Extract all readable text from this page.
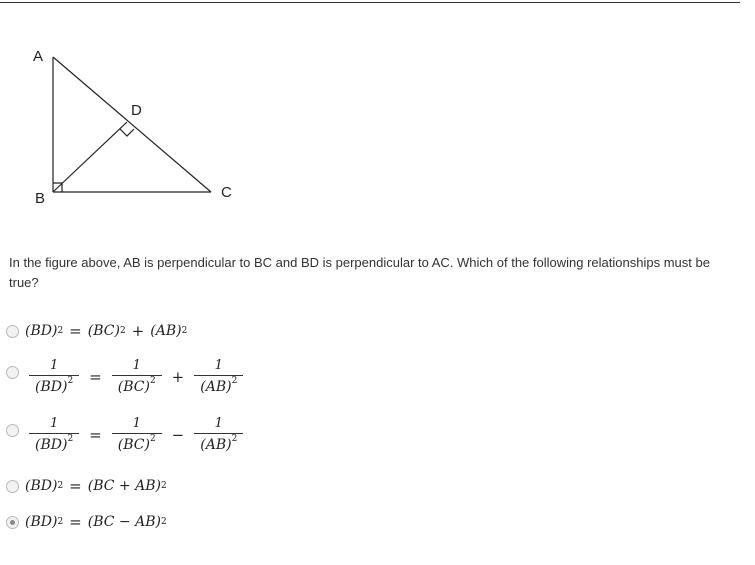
A
B	C
D
In the figure above, AB is perpendicular to BC and BD is perpendicular to AC. Which of the following relationships must be true?
(BD) 2 = (BC) 2 + (AB) 2
$\frac{1}{(BD)^2} = \frac{1}{(BC)^2} + \frac{1}{(AB)^2}$
$\frac{1}{(BD)^2} = \frac{1}{(BC)^2} - \frac{1}{(AB)^2}$
(BD) 2 = (BC + AB) 2
(BD) 2 = (BC − AB) 2
